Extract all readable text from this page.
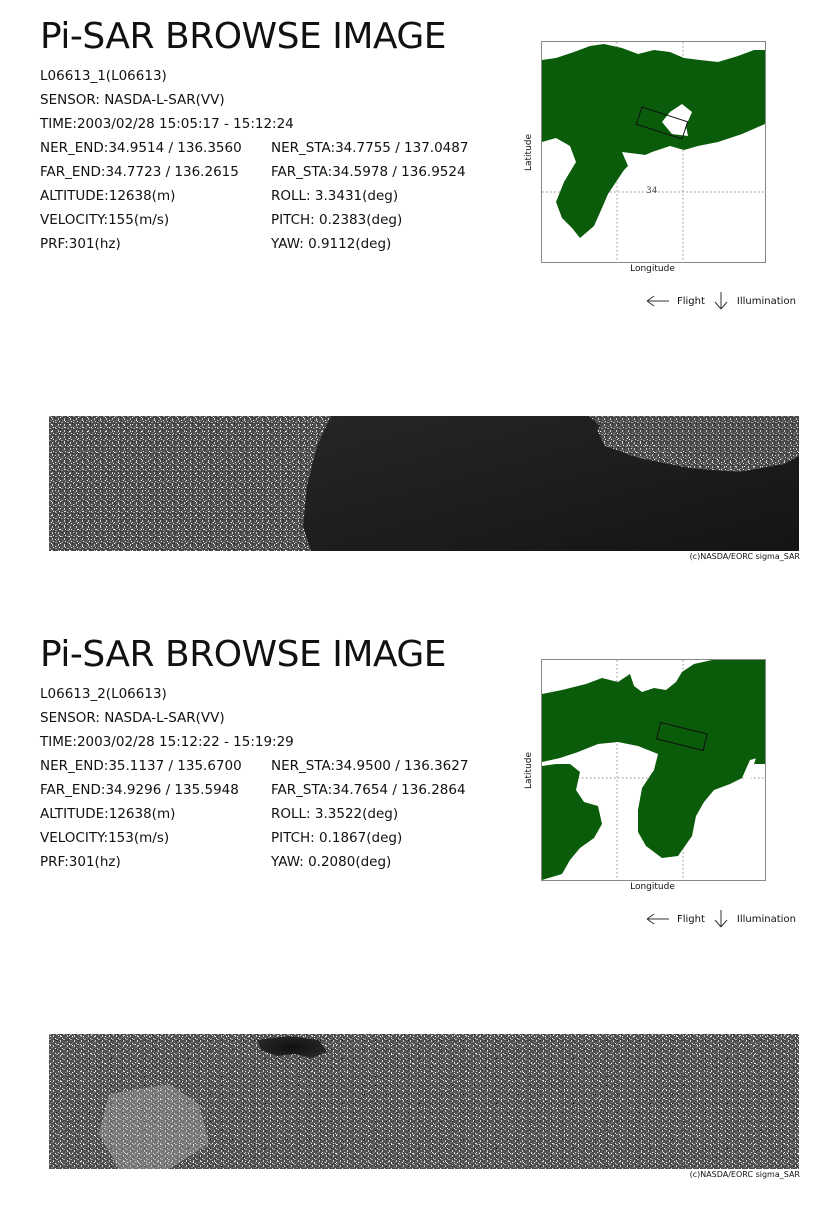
Pi-SAR BROWSE IMAGE
L06613_1(L06613)
SENSOR: NASDA-L-SAR(VV)
TIME:2003/02/28 15:05:17 - 15:12:24
NER_END:34.9514 / 136.3560
FAR_END:34.7723 / 136.2615
ALTITUDE:12638(m)
VELOCITY:155(m/s)
PRF:301(hz)
NER_STA:34.7755 / 137.0487
FAR_STA:34.5978 / 136.9524
ROLL: 3.3431(deg)
PITCH: 0.2383(deg)
YAW: 0.9112(deg)
Latitude
34
Longitude
Flight	Illumination
(c)NASDA/EORC sigma_SAR
Pi-SAR BROWSE IMAGE
L06613_2(L06613)
SENSOR: NASDA-L-SAR(VV)
TIME:2003/02/28 15:12:22 - 15:19:29
NER_END:35.1137 / 135.6700
FAR_END:34.9296 / 135.5948
ALTITUDE:12638(m)
VELOCITY:153(m/s)
PRF:301(hz)
NER_STA:34.9500 / 136.3627
FAR_STA:34.7654 / 136.2864
ROLL: 3.3522(deg)
PITCH: 0.1867(deg)
YAW: 0.2080(deg)
Latitude
Longitude
Flight	Illumination
(c)NASDA/EORC sigma_SAR
